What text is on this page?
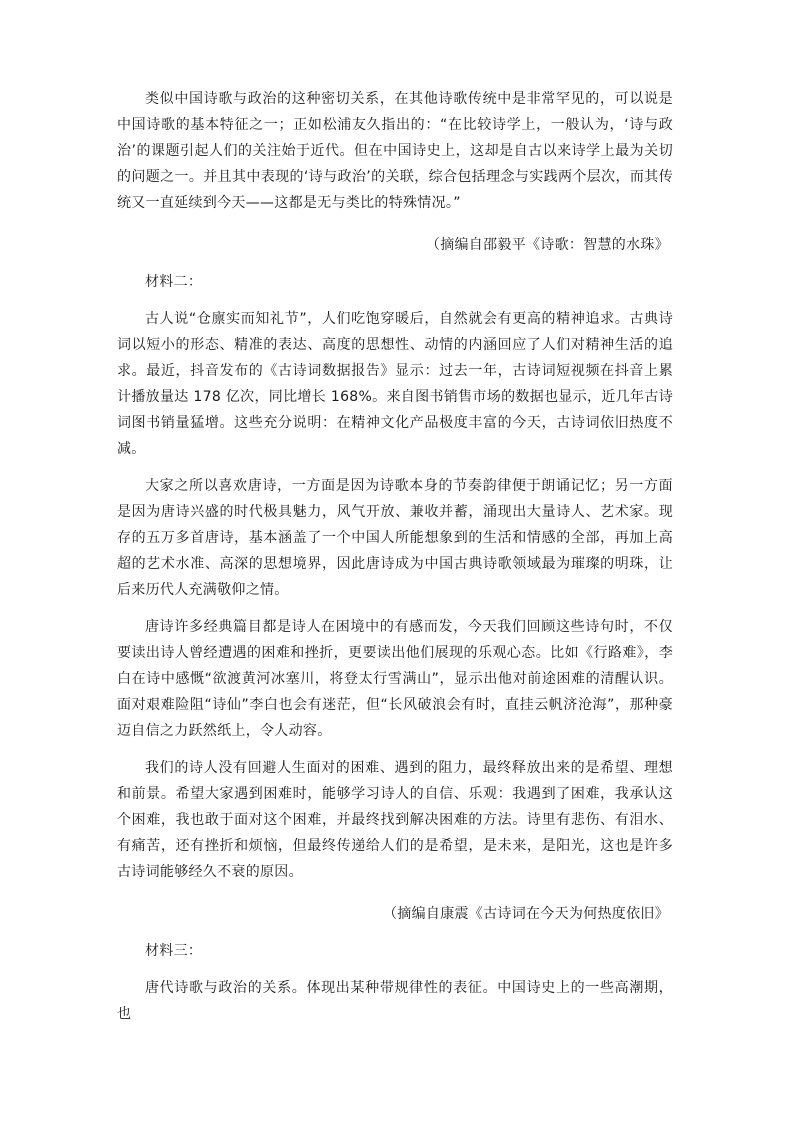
类似中国诗歌与政治的这种密切关系，在其他诗歌传统中是非常罕见的，可以说是中国诗歌的基本特征之一；正如松浦友久指出的：“在比较诗学上，一般认为，‘诗与政治’的课题引起人们的关注始于近代。但在中国诗史上，这却是自古以来诗学上最为关切的问题之一。并且其中表现的‘诗与政治’的关联，综合包括理念与实践两个层次，而其传统又一直延续到今天——这都是无与类比的特殊情况。”

（摘编自邵毅平《诗歌：智慧的水珠》

材料二：

古人说“仓廪实而知礼节”，人们吃饱穿暖后，自然就会有更高的精神追求。古典诗词以短小的形态、精准的表达、高度的思想性、动情的内涵回应了人们对精神生活的追求。最近，抖音发布的《古诗词数据报告》显示：过去一年，古诗词短视频在抖音上累计播放量达 178 亿次，同比增长 168%。来自图书销售市场的数据也显示，近几年古诗词图书销量猛增。这些充分说明：在精神文化产品极度丰富的今天，古诗词依旧热度不减。

大家之所以喜欢唐诗，一方面是因为诗歌本身的节奏韵律便于朗诵记忆；另一方面是因为唐诗兴盛的时代极具魅力，风气开放、兼收并蓄，涌现出大量诗人、艺术家。现存的五万多首唐诗，基本涵盖了一个中国人所能想象到的生活和情感的全部，再加上高超的艺术水准、高深的思想境界，因此唐诗成为中国古典诗歌领域最为璀璨的明珠，让后来历代人充满敬仰之情。

唐诗许多经典篇目都是诗人在困境中的有感而发，今天我们回顾这些诗句时，不仅要读出诗人曾经遭遇的困难和挫折，更要读出他们展现的乐观心态。比如《行路难》，李白在诗中感慨“欲渡黄河冰塞川，将登太行雪满山”，显示出他对前途困难的清醒认识。面对艰难险阻“诗仙”李白也会有迷茫，但“长风破浪会有时，直挂云帆济沧海”，那种豪迈自信之力跃然纸上，令人动容。

我们的诗人没有回避人生面对的困难、遇到的阻力，最终释放出来的是希望、理想和前景。希望大家遇到困难时，能够学习诗人的自信、乐观：我遇到了困难，我承认这个困难，我也敢于面对这个困难，并最终找到解决困难的方法。诗里有悲伤、有泪水、有痛苦，还有挫折和烦恼，但最终传递给人们的是希望，是未来，是阳光，这也是许多古诗词能够经久不衰的原因。

（摘编自康震《古诗词在今天为何热度依旧》

材料三：

唐代诗歌与政治的关系。体现出某种带规律性的表征。中国诗史上的一些高潮期，也
